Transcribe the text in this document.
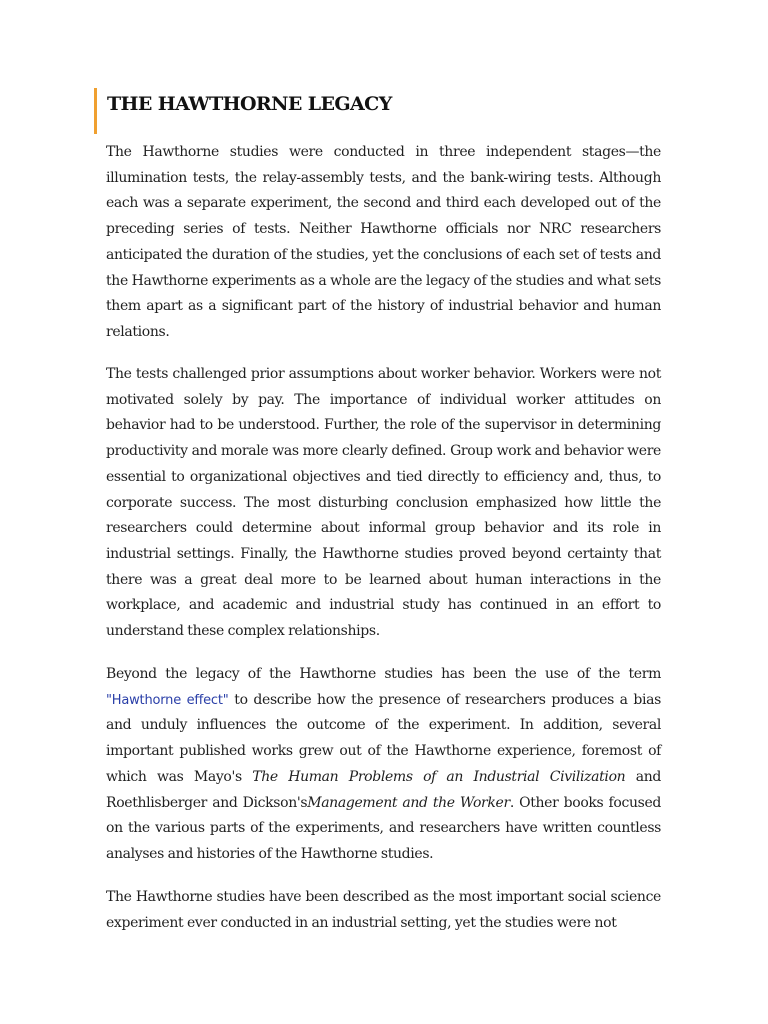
THE HAWTHORNE LEGACY

The Hawthorne studies were conducted in three independent stages—the illumination tests, the relay-assembly tests, and the bank-wiring tests. Although each was a separate experiment, the second and third each developed out of the preceding series of tests. Neither Hawthorne officials nor NRC researchers anticipated the duration of the studies, yet the conclusions of each set of tests and the Hawthorne experiments as a whole are the legacy of the studies and what sets them apart as a significant part of the history of industrial behavior and human relations.

The tests challenged prior assumptions about worker behavior. Workers were not motivated solely by pay. The importance of individual worker attitudes on behavior had to be understood. Further, the role of the supervisor in determining productivity and morale was more clearly defined. Group work and behavior were essential to organizational objectives and tied directly to efficiency and, thus, to corporate success. The most disturbing conclusion emphasized how little the researchers could determine about informal group behavior and its role in industrial settings. Finally, the Hawthorne studies proved beyond certainty that there was a great deal more to be learned about human interactions in the workplace, and academic and industrial study has continued in an effort to understand these complex relationships.

Beyond the legacy of the Hawthorne studies has been the use of the term "Hawthorne effect" to describe how the presence of researchers produces a bias and unduly influences the outcome of the experiment. In addition, several important published works grew out of the Hawthorne experience, foremost of which was Mayo's The Human Problems of an Industrial Civilization and Roethlisberger and Dickson'sManagement and the Worker. Other books focused on the various parts of the experiments, and researchers have written countless analyses and histories of the Hawthorne studies.

The Hawthorne studies have been described as the most important social science experiment ever conducted in an industrial setting, yet the studies were not
